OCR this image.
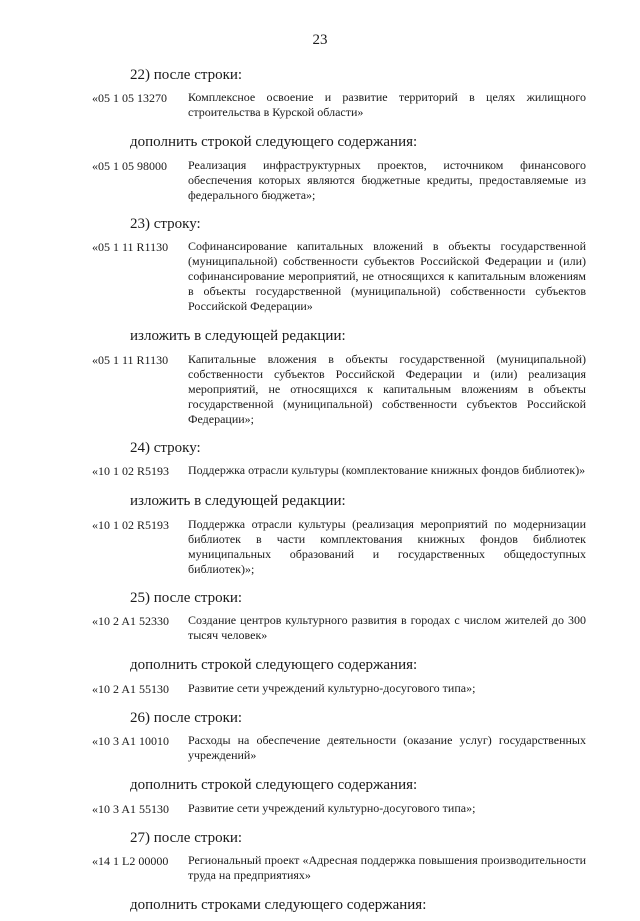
23
22) после строки:
«05 1 05 13270	Комплексное освоение и развитие территорий в целях жилищного строительства в Курской области»
дополнить строкой следующего содержания:
«05 1 05 98000	Реализация инфраструктурных проектов, источником финансового обеспечения которых являются бюджетные кредиты, предоставляемые из федерального бюджета»;
23) строку:
«05 1 11 R1130	Софинансирование капитальных вложений в объекты государственной (муниципальной) собственности субъектов Российской Федерации и (или) софинансирование мероприятий, не относящихся к капитальным вложениям в объекты государственной (муниципальной) собственности субъектов Российской Федерации»
изложить в следующей редакции:
«05 1 11 R1130	Капитальные вложения в объекты государственной (муниципальной) собственности субъектов Российской Федерации и (или) реализация мероприятий, не относящихся к капитальным вложениям в объекты государственной (муниципальной) собственности субъектов Российской Федерации»;
24) строку:
«10 1 02 R5193	Поддержка отрасли культуры (комплектование книжных фондов библиотек)»
изложить в следующей редакции:
«10 1 02 R5193	Поддержка отрасли культуры (реализация мероприятий по модернизации библиотек в части комплектования книжных фондов библиотек муниципальных образований и государственных общедоступных библиотек)»;
25) после строки:
«10 2 A1 52330	Создание центров культурного развития в городах с числом жителей до 300 тысяч человек»
дополнить строкой следующего содержания:
«10 2 A1 55130	Развитие сети учреждений культурно-досугового типа»;
26) после строки:
«10 3 A1 10010	Расходы на обеспечение деятельности (оказание услуг) государственных учреждений»
дополнить строкой следующего содержания:
«10 3 A1 55130	Развитие сети учреждений культурно-досугового типа»;
27) после строки:
«14 1 L2 00000	Региональный проект «Адресная поддержка повышения производительности труда на предприятиях»
дополнить строками следующего содержания:
